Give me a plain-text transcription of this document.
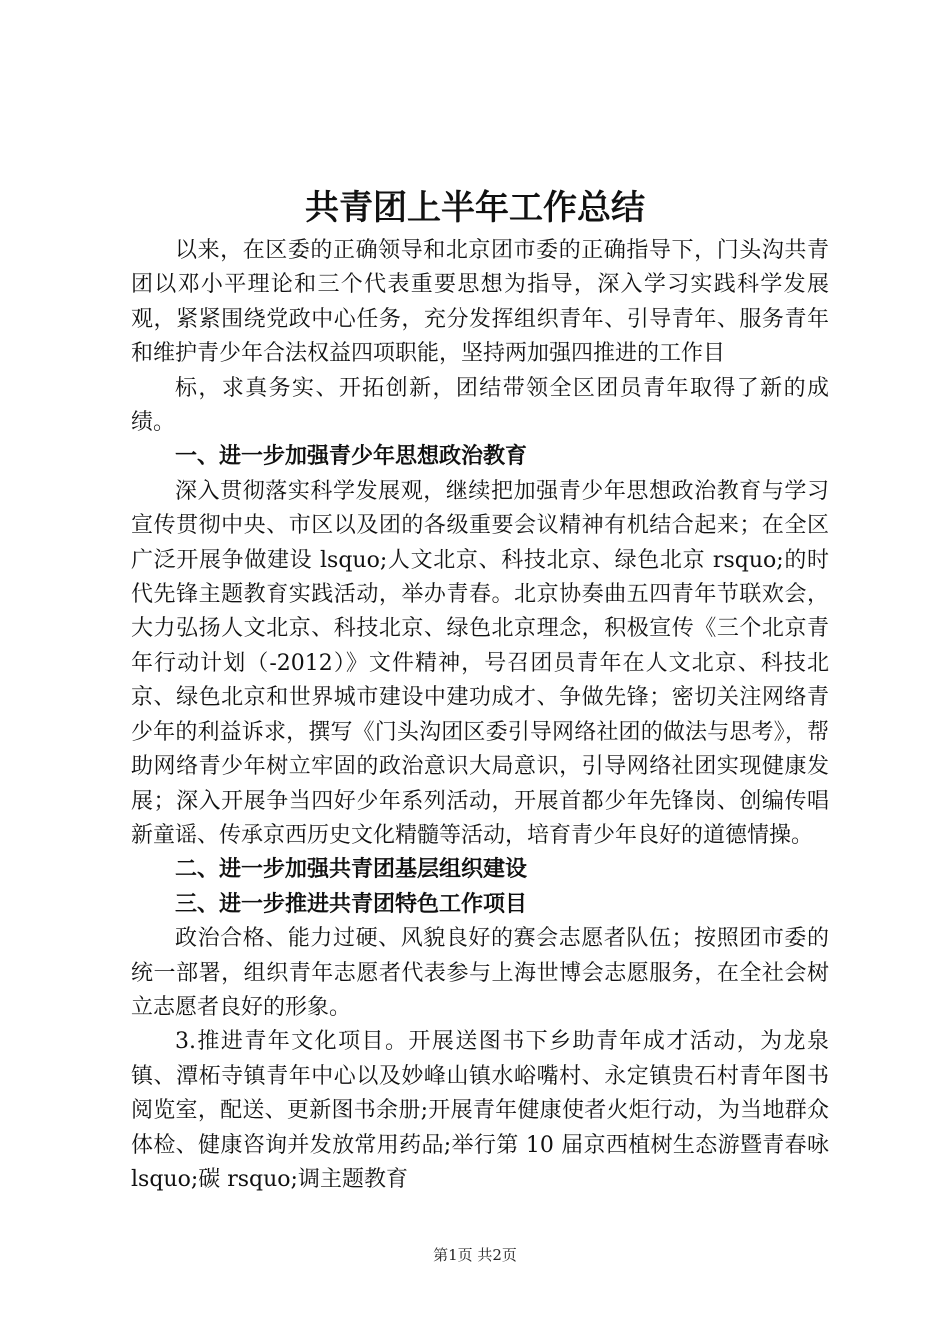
共青团上半年工作总结

以来，在区委的正确领导和北京团市委的正确指导下，门头沟共青团以邓小平理论和三个代表重要思想为指导，深入学习实践科学发展观，紧紧围绕党政中心任务，充分发挥组织青年、引导青年、服务青年和维护青少年合法权益四项职能，坚持两加强四推进的工作目

标，求真务实、开拓创新，团结带领全区团员青年取得了新的成绩。

一、进一步加强青少年思想政治教育

深入贯彻落实科学发展观，继续把加强青少年思想政治教育与学习宣传贯彻中央、市区以及团的各级重要会议精神有机结合起来；在全区广泛开展争做建设 lsquo;人文北京、科技北京、绿色北京 rsquo;的时代先锋主题教育实践活动，举办青春。北京协奏曲五四青年节联欢会，大力弘扬人文北京、科技北京、绿色北京理念，积极宣传《三个北京青年行动计划（-2012）》文件精神，号召团员青年在人文北京、科技北京、绿色北京和世界城市建设中建功成才、争做先锋；密切关注网络青少年的利益诉求，撰写《门头沟团区委引导网络社团的做法与思考》，帮助网络青少年树立牢固的政治意识大局意识，引导网络社团实现健康发展；深入开展争当四好少年系列活动，开展首都少年先锋岗、创编传唱新童谣、传承京西历史文化精髓等活动，培育青少年良好的道德情操。

二、进一步加强共青团基层组织建设

三、进一步推进共青团特色工作项目

政治合格、能力过硬、风貌良好的赛会志愿者队伍；按照团市委的统一部署，组织青年志愿者代表参与上海世博会志愿服务，在全社会树立志愿者良好的形象。

3.推进青年文化项目。开展送图书下乡助青年成才活动，为龙泉镇、潭柘寺镇青年中心以及妙峰山镇水峪嘴村、永定镇贵石村青年图书阅览室，配送、更新图书余册;开展青年健康使者火炬行动，为当地群众体检、健康咨询并发放常用药品;举行第 10 届京西植树生态游暨青春咏 lsquo;碳 rsquo;调主题教育

第1页 共2页
